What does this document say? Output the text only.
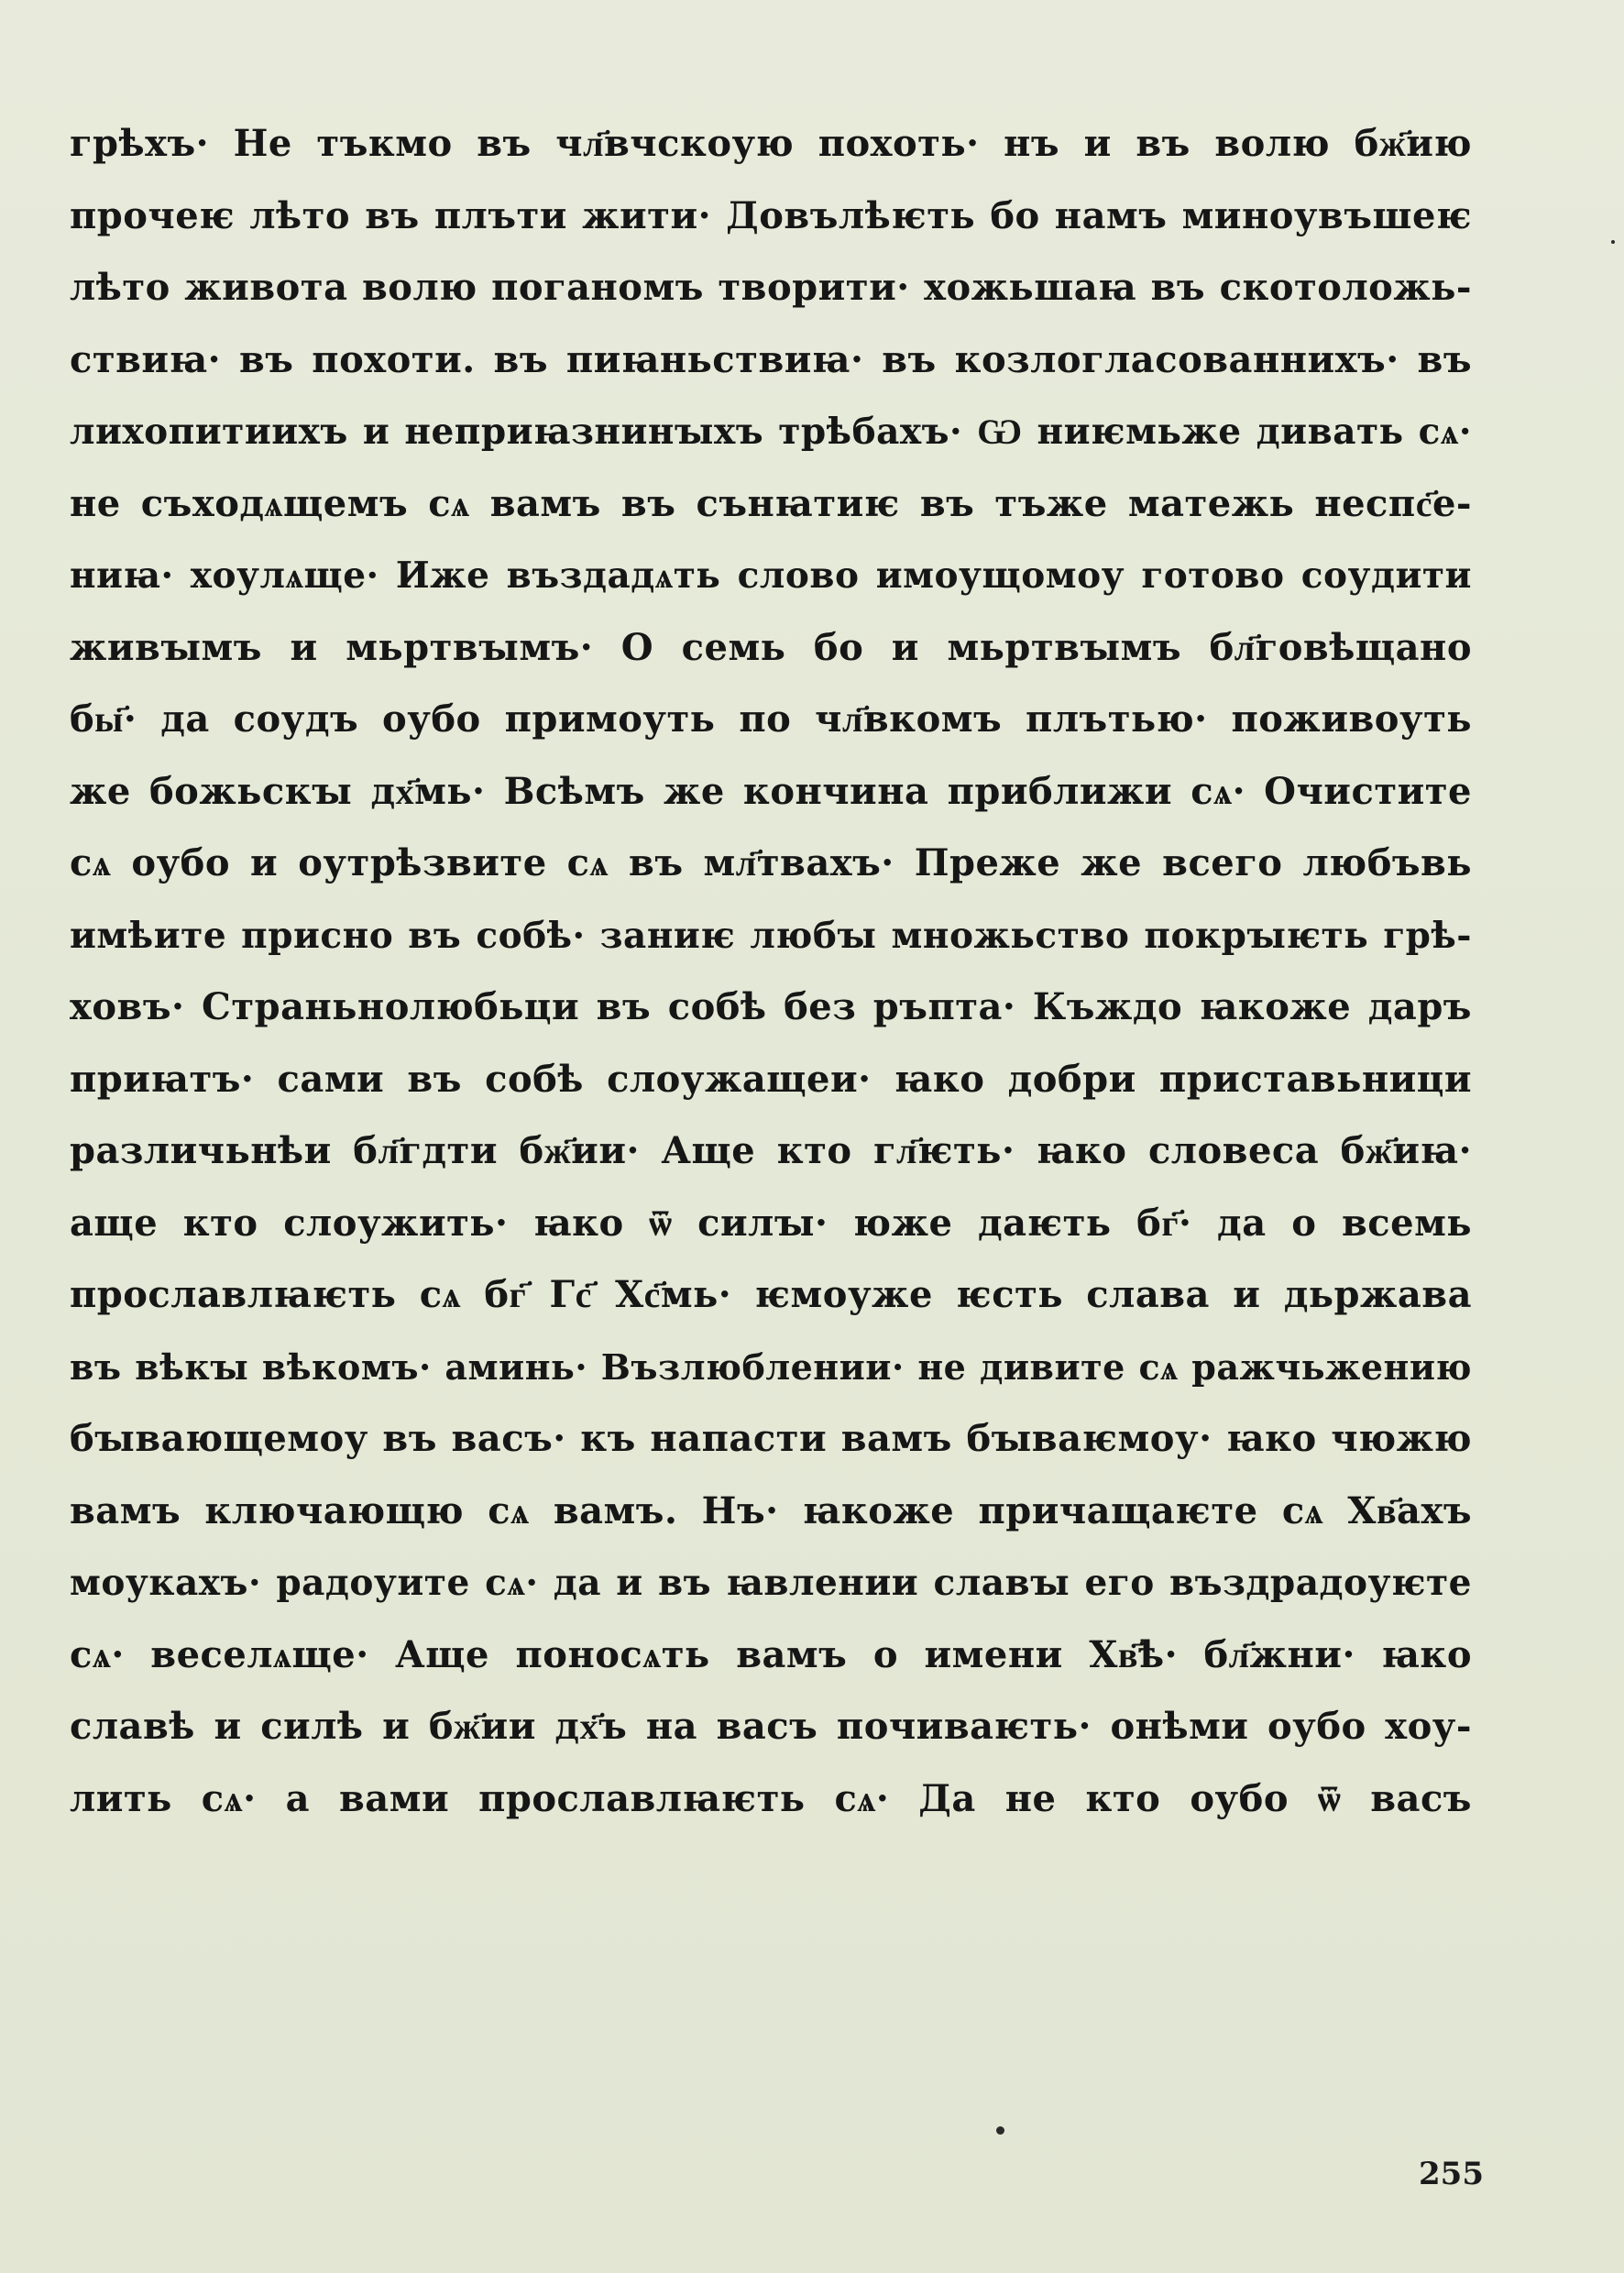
грѣхъ· Не тъкмо въ чл҃вчскоую похоть· нъ и въ волю бж҃ию
прочеѥ лѣто въ плъти жити· Довълѣѥть бо намъ миноувъшеѥ
лѣто живота волю поганомъ творити· хожьшаꙗ въ скотоложь-
ствиꙗ· въ похоти. въ пиꙗньствиꙗ· въ козлогласованнихъ· въ
лихопитиихъ и неприꙗзнинꙑхъ трѣбахъ· Ѡ ниѥмьже дивать сѧ·
не съходѧщемъ сѧ вамъ въ сънꙗтиѥ въ тъже матежь неспс҃е-
ниꙗ· хоулѧще· Иже въздадѧть слово имоущомоу готово соудити
живꙑмъ и мьртвꙑмъ· О семь бо и мьртвꙑмъ бл҃говѣщано
бы҃· да соудъ оубо примоуть по чл҃вкомъ плътью· поживоуть
же божьскꙑ дх҃мь· Всѣмъ же кончина приближи сѧ· Очистите
сѧ оубо и оутрѣзвите сѧ въ мл҃твахъ· Преже же всего любъвь
имѣите присно въ собѣ· заниѥ любꙑ множьство покрꙑѥть грѣ-
ховъ· Страньнолюбьци въ собѣ без ръпта· Къждо ꙗкоже даръ
приꙗтъ· сами въ собѣ слоужащеи· ꙗко добри приставьници
различьнѣи бл҃гдти бж҃ии· Аще кто гл҃ѥть· ꙗко словеса бж҃иꙗ·
аще кто слоужить· ꙗко ѿ силꙑ· юже даѥть бг҃· да о всемь
прославлꙗѥть сѧ бг҃ Гс҃ Хс҃мь· ѥмоуже ѥсть слава и дьржава
въ вѣкꙑ вѣкомъ· аминь· Възлюблении· не дивите сѧ ражчьжению
бꙑвающемоу въ васъ· къ напасти вамъ бꙑваѥмоу· ꙗко чюжю
вамъ ключающю сѧ вамъ. Нъ· ꙗкоже причащаѥте сѧ Хв҃ахъ
моукахъ· радоуите сѧ· да и въ ꙗвлении славꙑ его въздрадоуѥте
сѧ· веселѧще· Аще поносѧть вамъ о имени Хв҃ѣ· бл҃жни· ꙗко
славѣ и силѣ и бж҃ии дх҃ъ на васъ почиваѥть· онѣми оубо хоу-
лить сѧ· а вами прославлꙗѥть сѧ· Да не кто оубо ѿ васъ
255
